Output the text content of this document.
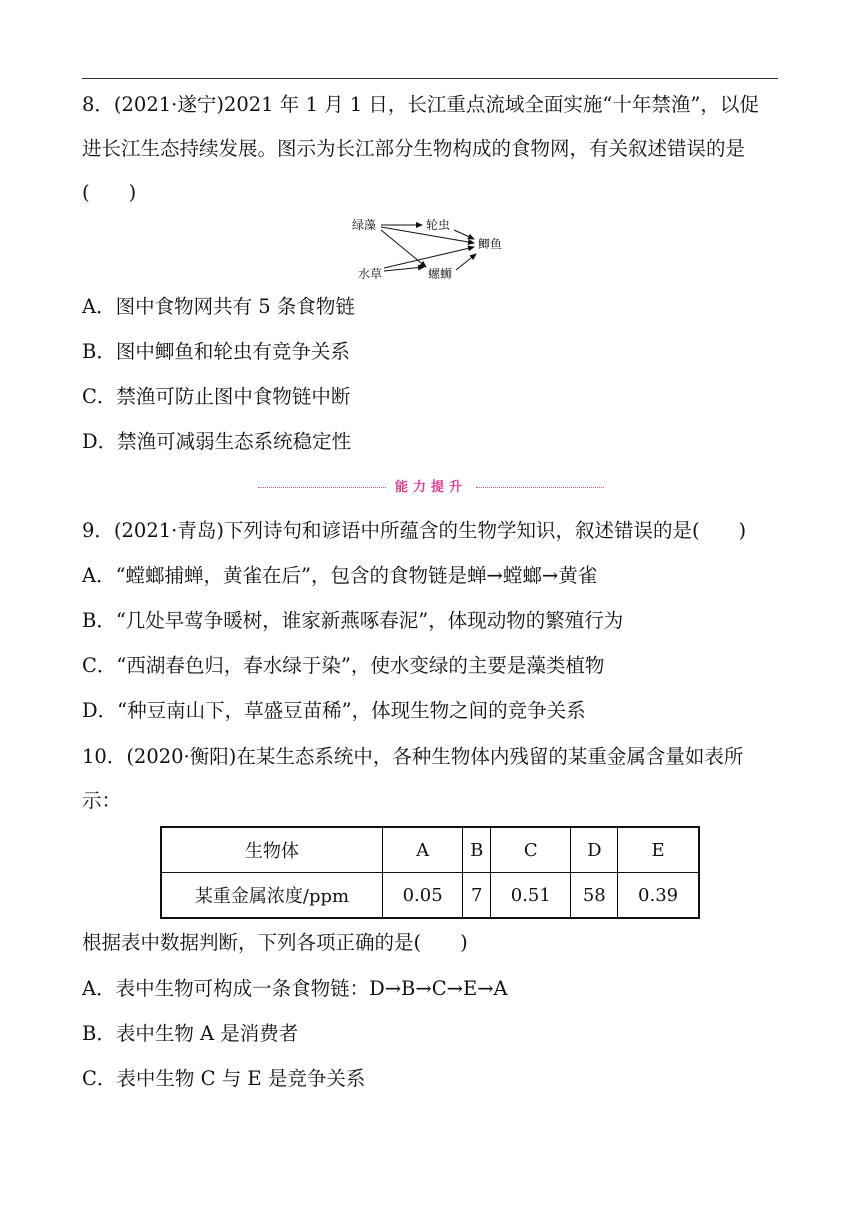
8．(2021·遂宁)2021 年 1 月 1 日，长江重点流域全面实施“十年禁渔”，以促
进长江生态持续发展。图示为长江部分生物构成的食物网，有关叙述错误的是
(　　)
绿藻	轮虫
鲫鱼
水草	螺蛳
A．图中食物网共有 5 条食物链
B．图中鲫鱼和轮虫有竞争关系
C．禁渔可防止图中食物链中断
D．禁渔可减弱生态系统稳定性
能力提升
9．(2021·青岛)下列诗句和谚语中所蕴含的生物学知识，叙述错误的是(　　)
A．“螳螂捕蝉，黄雀在后”，包含的食物链是蝉→螳螂→黄雀
B．“几处早莺争暖树，谁家新燕啄春泥”，体现动物的繁殖行为
C．“西湖春色归，春水绿于染”，使水变绿的主要是藻类植物
D．“种豆南山下，草盛豆苗稀”，体现生物之间的竞争关系
10．(2020·衡阳)在某生态系统中，各种生物体内残留的某重金属含量如表所
示：
生物体	A	B	C	D	E
某重金属浓度/ppm	0.05	7	0.51	58	0.39
根据表中数据判断，下列各项正确的是(　　)
A．表中生物可构成一条食物链：D→B→C→E→A
B．表中生物 A 是消费者
C．表中生物 C 与 E 是竞争关系
